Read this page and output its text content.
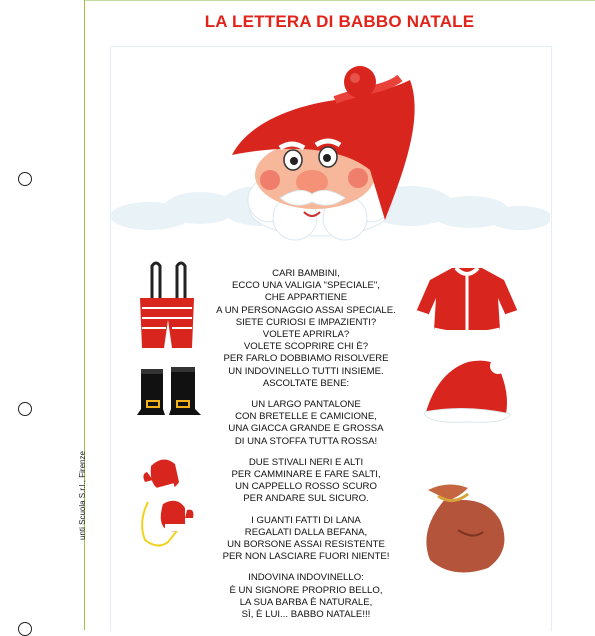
unti Scuola S.r.l., Firenze
LA LETTERA DI BABBO NATALE
CARI BAMBINI,
ECCO UNA VALIGIA "SPECIALE",
CHE APPARTIENE
A UN PERSONAGGIO ASSAI SPECIALE.
SIETE CURIOSI E IMPAZIENTI?
VOLETE APRIRLA?
VOLETE SCOPRIRE CHI È?
PER FARLO DOBBIAMO RISOLVERE
UN INDOVINELLO TUTTI INSIEME.
ASCOLTATE BENE:
UN LARGO PANTALONE
CON BRETELLE E CAMICIONE,
UNA GIACCA GRANDE E GROSSA
DI UNA STOFFA TUTTA ROSSA!
DUE STIVALI NERI E ALTI
PER CAMMINARE E FARE SALTI,
UN CAPPELLO ROSSO SCURO
PER ANDARE SUL SICURO.
I GUANTI FATTI DI LANA
REGALATI DALLA BEFANA,
UN BORSONE ASSAI RESISTENTE
PER NON LASCIARE FUORI NIENTE!
INDOVINA INDOVINELLO:
È UN SIGNORE PROPRIO BELLO,
LA SUA BARBA È NATURALE,
SÌ, È LUI... BABBO NATALE!!!
